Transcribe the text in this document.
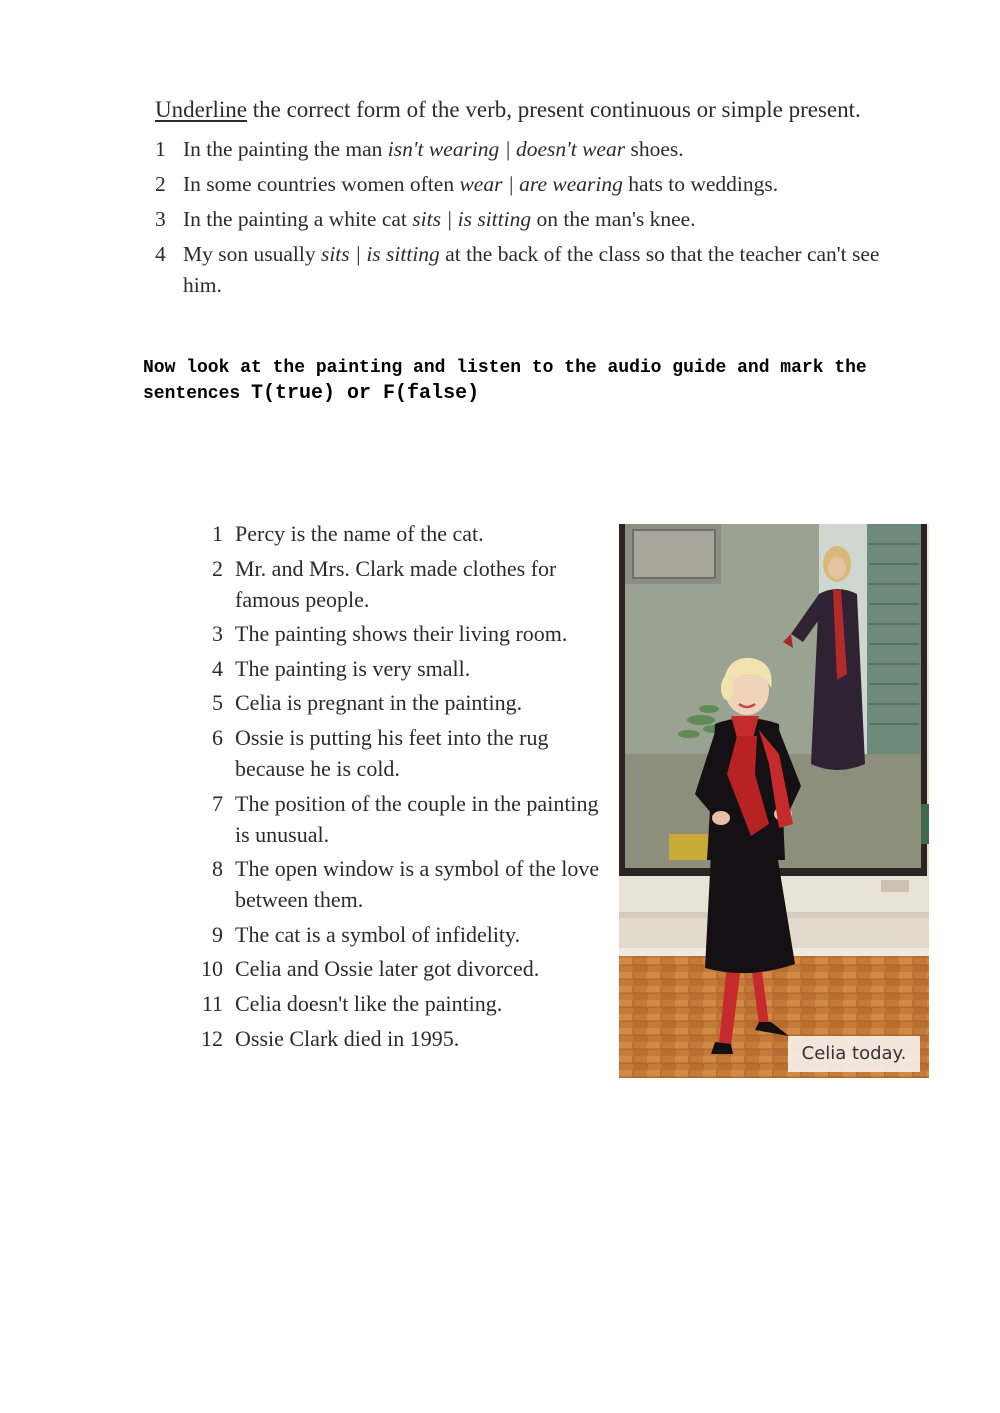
Underline the correct form of the verb, present continuous or simple present.

1 In the painting the man isn't wearing | doesn't wear shoes.
2 In some countries women often wear | are wearing hats to weddings.
3 In the painting a white cat sits | is sitting on the man's knee.
4 My son usually sits | is sitting at the back of the class so that the teacher can't see him.
Now look at the painting and listen to the audio guide and mark the sentences T(true) or F(false)
1 Percy is the name of the cat.
2 Mr. and Mrs. Clark made clothes for famous people.
3 The painting shows their living room.
4 The painting is very small.
5 Celia is pregnant in the painting.
6 Ossie is putting his feet into the rug because he is cold.
7 The position of the couple in the painting is unusual.
8 The open window is a symbol of the love between them.
9 The cat is a symbol of infidelity.
10 Celia and Ossie later got divorced.
11 Celia doesn't like the painting.
12 Ossie Clark died in 1995.
Celia today.
